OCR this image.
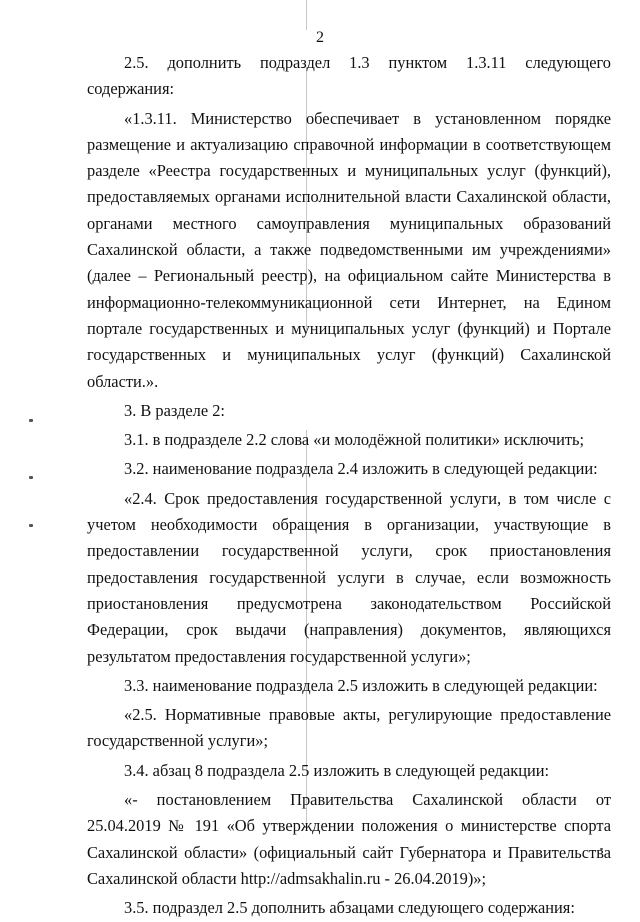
2

2.5. дополнить подраздел 1.3 пунктом 1.3.11 следующего содержания:

«1.3.11. Министерство обеспечивает в установленном порядке размещение и актуализацию справочной информации в соответствующем разделе «Реестра государственных и муниципальных услуг (функций), предоставляемых органами исполнительной власти Сахалинской области, органами местного самоуправления муниципальных образований Сахалинской области, а также подведомственными им учреждениями» (далее – Региональный реестр), на официальном сайте Министерства в информационно-телекоммуникационной сети Интернет, на Едином портале государственных и муниципальных услуг (функций) и Портале государственных и муниципальных услуг (функций) Сахалинской области.».

3. В разделе 2:

3.1. в подразделе 2.2 слова «и молодёжной политики» исключить;

3.2. наименование подраздела 2.4 изложить в следующей редакции:

«2.4. Срок предоставления государственной услуги, в том числе с учетом необходимости обращения в организации, участвующие в предоставлении государственной услуги, срок приостановления предоставления государственной услуги в случае, если возможность приостановления предусмотрена законодательством Российской Федерации, срок выдачи (направления) документов, являющихся результатом предоставления государственной услуги»;

3.3. наименование подраздела 2.5 изложить в следующей редакции:

«2.5. Нормативные правовые акты, регулирующие предоставление государственной услуги»;

3.4. абзац 8 подраздела 2.5 изложить в следующей редакции:

«- постановлением Правительства Сахалинской области от 25.04.2019 № 191 «Об утверждении положения о министерстве спорта Сахалинской области» (официальный сайт Губернатора и Правительства Сахалинской области http://admsakhalin.ru - 26.04.2019)»;

3.5. подраздел 2.5 дополнить абзацами следующего содержания:
